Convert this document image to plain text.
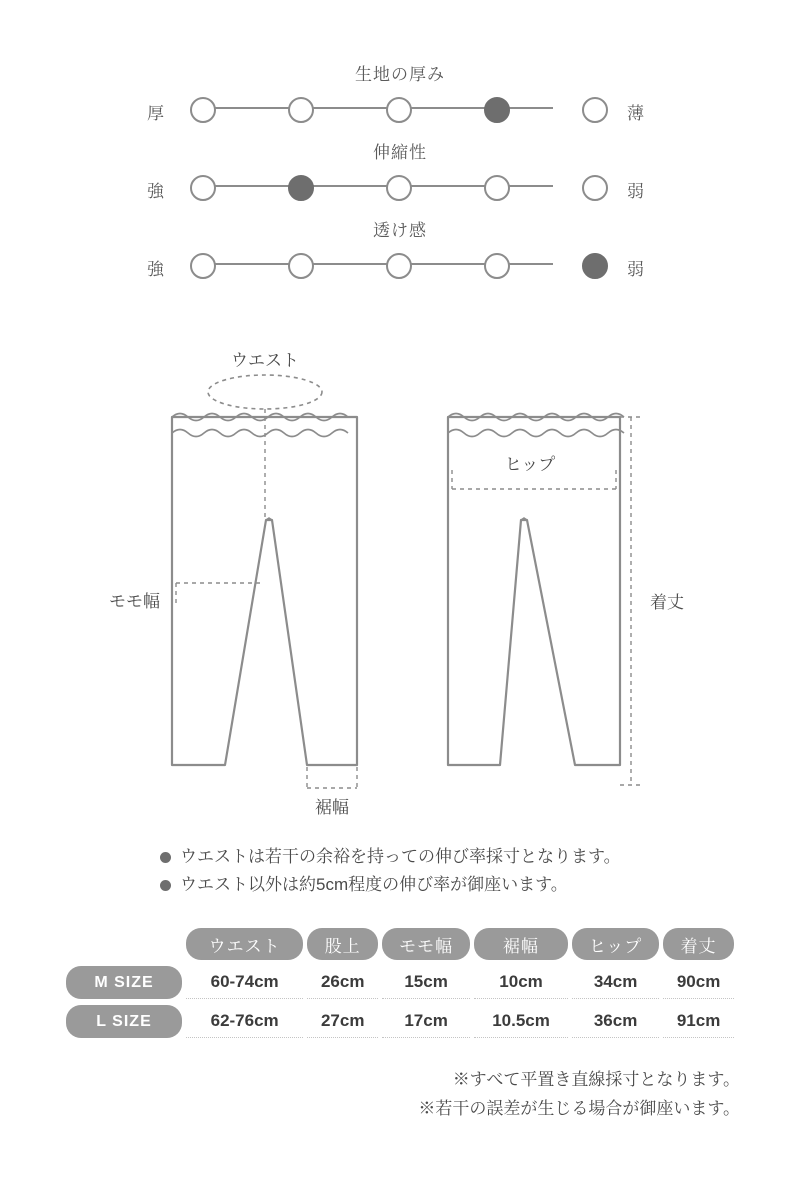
生地の厚み
厚	薄
伸縮性
強	弱
透け感
強	弱
ウエスト
モモ幅
裾幅
ヒップ
着丈
ウエストは若干の余裕を持っての伸び率採寸となります。
ウエスト以外は約5cm程度の伸び率が御座います。
	ウエスト	股上	モモ幅	裾幅	ヒップ	着丈
M SIZE	60-74cm	26cm	15cm	10cm	34cm	90cm
L SIZE	62-76cm	27cm	17cm	10.5cm	36cm	91cm
※すべて平置き直線採寸となります。
※若干の誤差が生じる場合が御座います。
